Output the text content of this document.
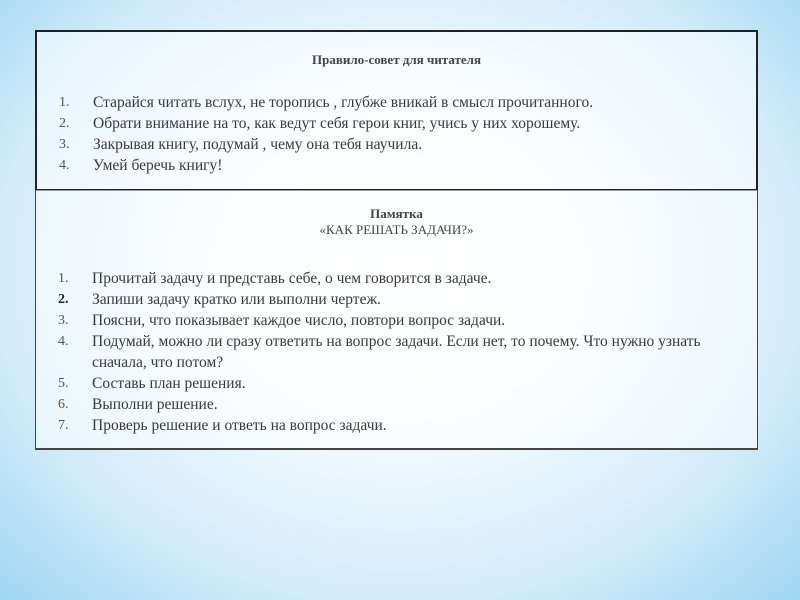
Правило-совет для читателя

1.	Старайся читать вслух, не торопись , глубже вникай в смысл прочитанного.
2.	Обрати внимание на то, как ведут себя герои книг, учись у них хорошему.
3.	Закрывая книгу, подумай , чему она тебя научила.
4.	Умей беречь книгу!
Памятка
«КАК РЕШАТЬ ЗАДАЧИ?»
1.	Прочитай задачу и представь себе, о чем говорится в задаче.
2.	Запиши задачу кратко или выполни чертеж.
3.	Поясни, что показывает каждое число, повтори вопрос задачи.
4.	Подумай, можно ли сразу ответить на вопрос задачи. Если нет, то почему. Что нужно узнать сначала, что потом?
5.	Составь план решения.
6.	Выполни решение.
7.	Проверь решение и ответь на вопрос задачи.
